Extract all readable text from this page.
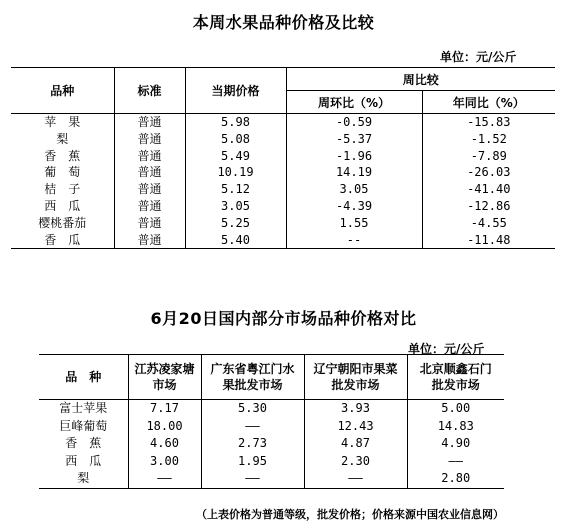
本周水果品种价格及比较
单位：元/公斤
品种	标准	当期价格	周比较	
			周环比（%）	年同比（%）
苹　果	普通	5.98	-0.59	-15.83
梨	普通	5.08	-5.37	-1.52
香　蕉	普通	5.49	-1.96	-7.89
葡　萄	普通	10.19	14.19	-26.03
桔　子	普通	5.12	3.05	-41.40
西　瓜	普通	3.05	-4.39	-12.86
樱桃番茄	普通	5.25	1.55	-4.55
香　瓜	普通	5.40	--	-11.48
6月20日国内部分市场品种价格对比
单位：元/公斤
品　种	江苏凌家塘市场	广东省粤江门水果批发市场	辽宁朝阳市果菜批发市场	北京顺鑫石门批发市场
富士苹果	7.17	5.30	3.93	5.00
巨峰葡萄	18.00	——	12.43	14.83
香　蕉	4.60	2.73	4.87	4.90
西　瓜	3.00	1.95	2.30	——
梨	——	——	——	2.80
（上表价格为普通等级，批发价格；价格来源中国农业信息网）
